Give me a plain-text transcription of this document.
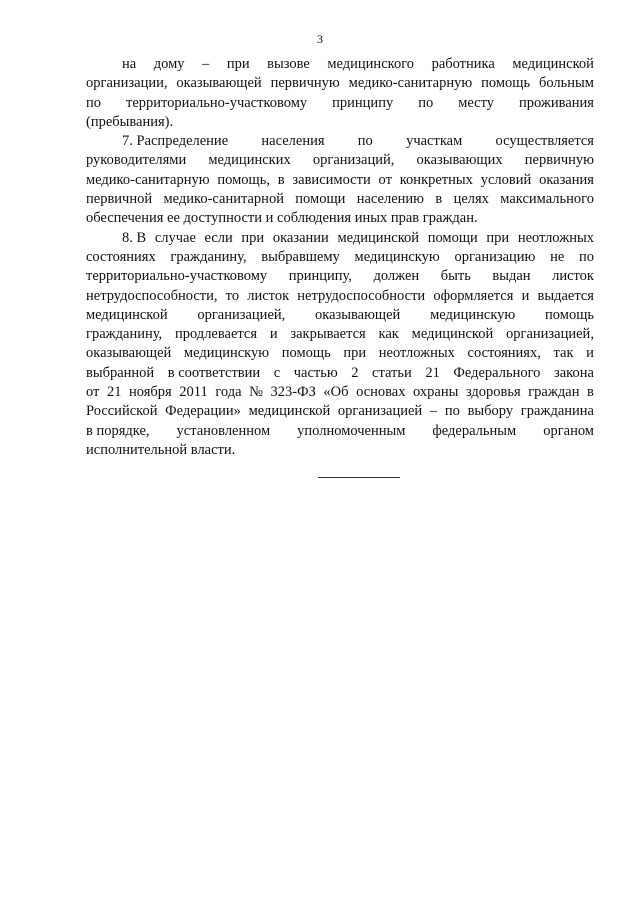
3
на дому – при вызове медицинского работника медицинской
организации, оказывающей первичную медико-санитарную помощь больным
по территориально-участковому принципу по месту проживания
(пребывания).
7. Распределение населения по участкам осуществляется
руководителями медицинских организаций, оказывающих первичную
медико-санитарную помощь, в зависимости от конкретных условий оказания
первичной медико-санитарной помощи населению в целях максимального
обеспечения ее доступности и соблюдения иных прав граждан.
8. В случае если при оказании медицинской помощи при неотложных
состояниях гражданину, выбравшему медицинскую организацию не по
территориально-участковому принципу, должен быть выдан листок
нетрудоспособности, то листок нетрудоспособности оформляется и выдается
медицинской организацией, оказывающей медицинскую помощь
гражданину, продлевается и закрывается как медицинской организацией,
оказывающей медицинскую помощь при неотложных состояниях, так и
выбранной в соответствии с частью 2 статьи 21 Федерального закона
от 21 ноября 2011 года № 323-ФЗ «Об основах охраны здоровья граждан в
Российской Федерации» медицинской организацией – по выбору гражданина
в порядке, установленном уполномоченным федеральным органом
исполнительной власти.
